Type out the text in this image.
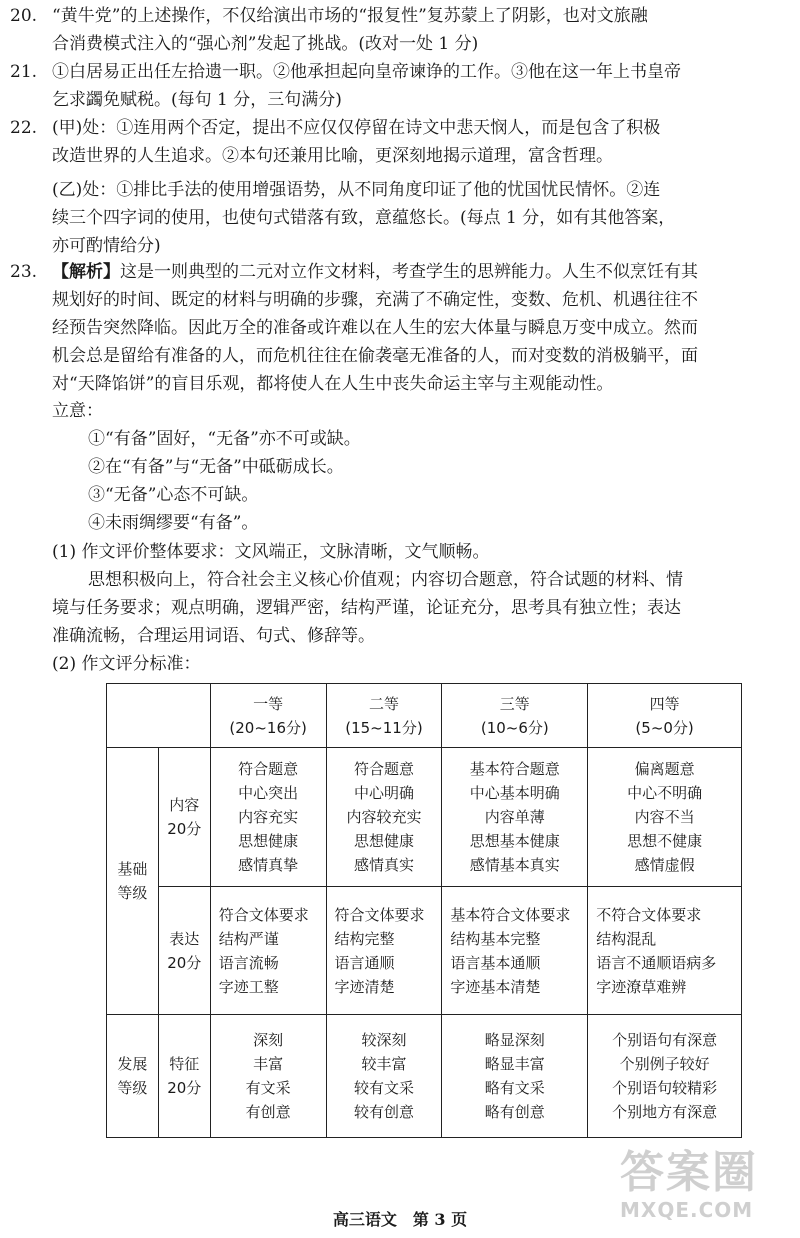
20. “黄牛党”的上述操作，不仅给演出市场的“报复性”复苏蒙上了阴影，也对文旅融

合消费模式注入的“强心剂”发起了挑战。(改对一处 1 分)

21. ①白居易正出任左拾遗一职。②他承担起向皇帝谏诤的工作。③他在这一年上书皇帝

乞求蠲免赋税。(每句 1 分，三句满分)

22. (甲)处：①连用两个否定，提出不应仅仅停留在诗文中悲天悯人，而是包含了积极

改造世界的人生追求。②本句还兼用比喻，更深刻地揭示道理，富含哲理。

(乙)处：①排比手法的使用增强语势，从不同角度印证了他的忧国忧民情怀。②连

续三个四字词的使用，也使句式错落有致，意蕴悠长。(每点 1 分，如有其他答案，

亦可酌情给分)

23. 【解析】这是一则典型的二元对立作文材料，考查学生的思辨能力。人生不似烹饪有其

规划好的时间、既定的材料与明确的步骤，充满了不确定性，变数、危机、机遇往往不

经预告突然降临。因此万全的准备或许难以在人生的宏大体量与瞬息万变中成立。然而

机会总是留给有准备的人，而危机往往在偷袭毫无准备的人，而对变数的消极躺平，面

对“天降馅饼”的盲目乐观，都将使人在人生中丧失命运主宰与主观能动性。

立意：
①“有备”固好，“无备”亦不可或缺。
②在“有备”与“无备”中砥砺成长。
③“无备”心态不可缺。
④未雨绸缪要“有备”。
(1) 作文评价整体要求：文风端正，文脉清晰，文气顺畅。
思想积极向上，符合社会主义核心价值观；内容切合题意，符合试题的材料、情
境与任务要求；观点明确，逻辑严密，结构严谨，论证充分，思考具有独立性；表达
准确流畅，合理运用词语、句式、修辞等。
(2) 作文评分标准：

		一等
(20~16分)	二等
(15~11分)	三等
(10~6分)	四等
(5~0分)

基础
等级	内容
20分	符合题意
中心突出
内容充实
思想健康
感情真挚	符合题意
中心明确
内容较充实
思想健康
感情真实	基本符合题意
中心基本明确
内容单薄
思想基本健康
感情基本真实	偏离题意
中心不明确
内容不当
思想不健康
感情虚假

	表达
20分	符合文体要求
结构严谨
语言流畅
字迹工整	符合文体要求
结构完整
语言通顺
字迹清楚	基本符合文体要求
结构基本完整
语言基本通顺
字迹基本清楚	不符合文体要求
结构混乱
语言不通顺语病多
字迹潦草难辨

发展
等级	特征
20分	深刻
丰富
有文采
有创意	较深刻
较丰富
较有文采
较有创意	略显深刻
略显丰富
略有文采
略有创意	个别语句有深意
个别例子较好
个别语句较精彩
个别地方有深意
高三语文　第 3 页
答案圈
MXQE.COM
